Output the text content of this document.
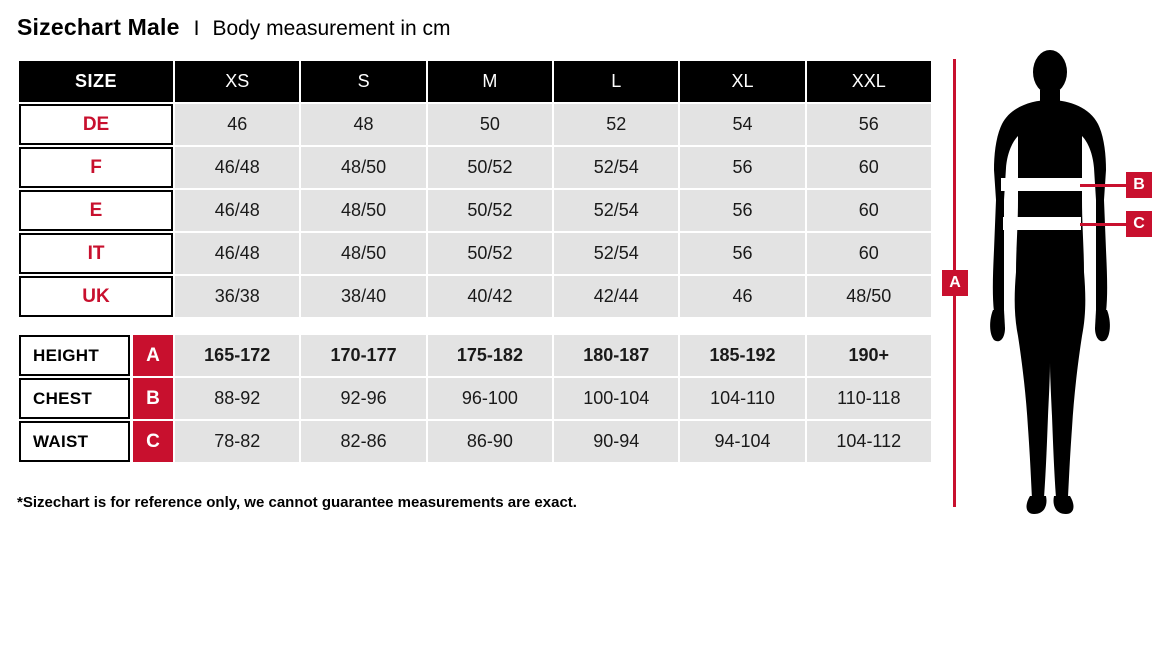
Sizechart Male I Body measurement in cm
SIZE	XS	S	M	L	XL	XXL
DE	46	48	50	52	54	56
F	46/48	48/50	50/52	52/54	56	60
E	46/48	48/50	50/52	52/54	56	60
IT	46/48	48/50	50/52	52/54	56	60
UK	36/38	38/40	40/42	42/44	46	48/50

HEIGHT A	165-172	170-177	175-182	180-187	185-192	190+

CHEST B	88-92	92-96	96-100	100-104	104-110	110-118

WAIST C	78-82	82-86	86-90	90-94	94-104	104-112
*Sizechart is for reference only, we cannot guarantee measurements are exact.
A
B
C
